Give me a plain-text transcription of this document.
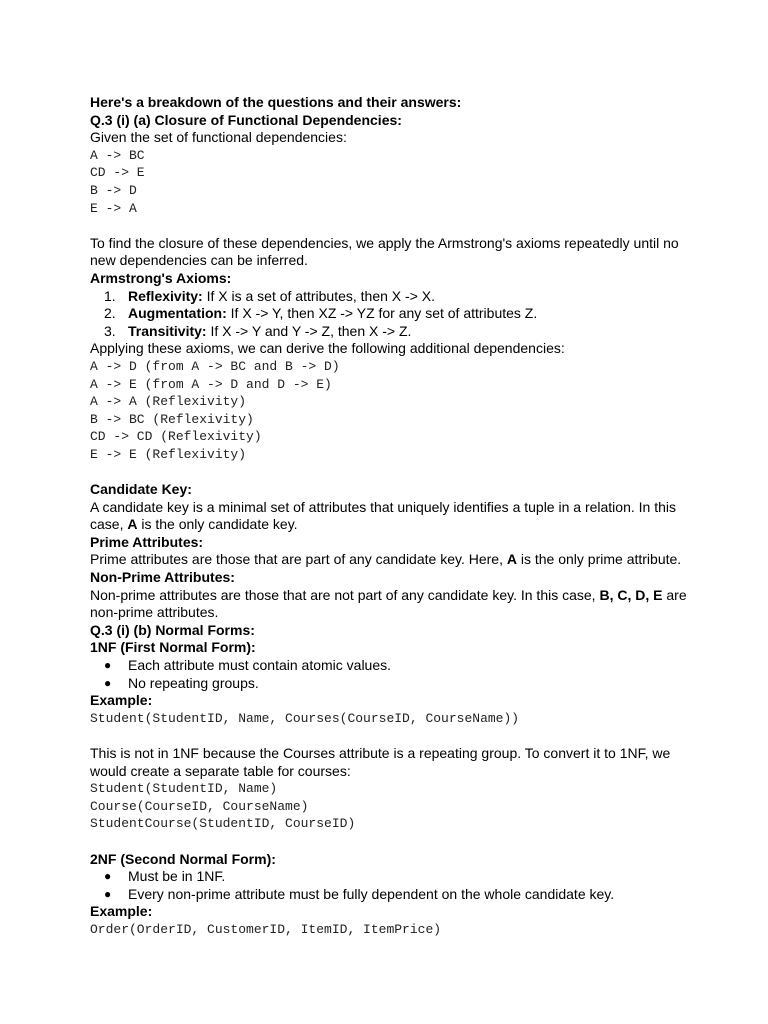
Here's a breakdown of the questions and their answers:
Q.3 (i) (a) Closure of Functional Dependencies:
Given the set of functional dependencies:
A -> BC
CD -> E
B -> D
E -> A

To find the closure of these dependencies, we apply the Armstrong's axioms repeatedly until no new dependencies can be inferred.

Armstrong's Axioms:
1. Reflexivity: If X is a set of attributes, then X -> X.
2. Augmentation: If X -> Y, then XZ -> YZ for any set of attributes Z.
3. Transitivity: If X -> Y and Y -> Z, then X -> Z.
Applying these axioms, we can derive the following additional dependencies:
A -> D (from A -> BC and B -> D)
A -> E (from A -> D and D -> E)
A -> A (Reflexivity)
B -> BC (Reflexivity)
CD -> CD (Reflexivity)
E -> E (Reflexivity)
Candidate Key:

A candidate key is a minimal set of attributes that uniquely identifies a tuple in a relation. In this case, A is the only candidate key.

Prime Attributes:

Prime attributes are those that are part of any candidate key. Here, A is the only prime attribute.

Non-Prime Attributes:

Non-prime attributes are those that are not part of any candidate key. In this case, B, C, D, E are non-prime attributes.

Q.3 (i) (b) Normal Forms:
1NF (First Normal Form):
● Each attribute must contain atomic values.
● No repeating groups.
Example:
Student(StudentID, Name, Courses(CourseID, CourseName))

This is not in 1NF because the Courses attribute is a repeating group. To convert it to 1NF, we would create a separate table for courses:

Student(StudentID, Name)
Course(CourseID, CourseName)
StudentCourse(StudentID, CourseID)
2NF (Second Normal Form):
● Must be in 1NF.
● Every non-prime attribute must be fully dependent on the whole candidate key.
Example:
Order(OrderID, CustomerID, ItemID, ItemPrice)
